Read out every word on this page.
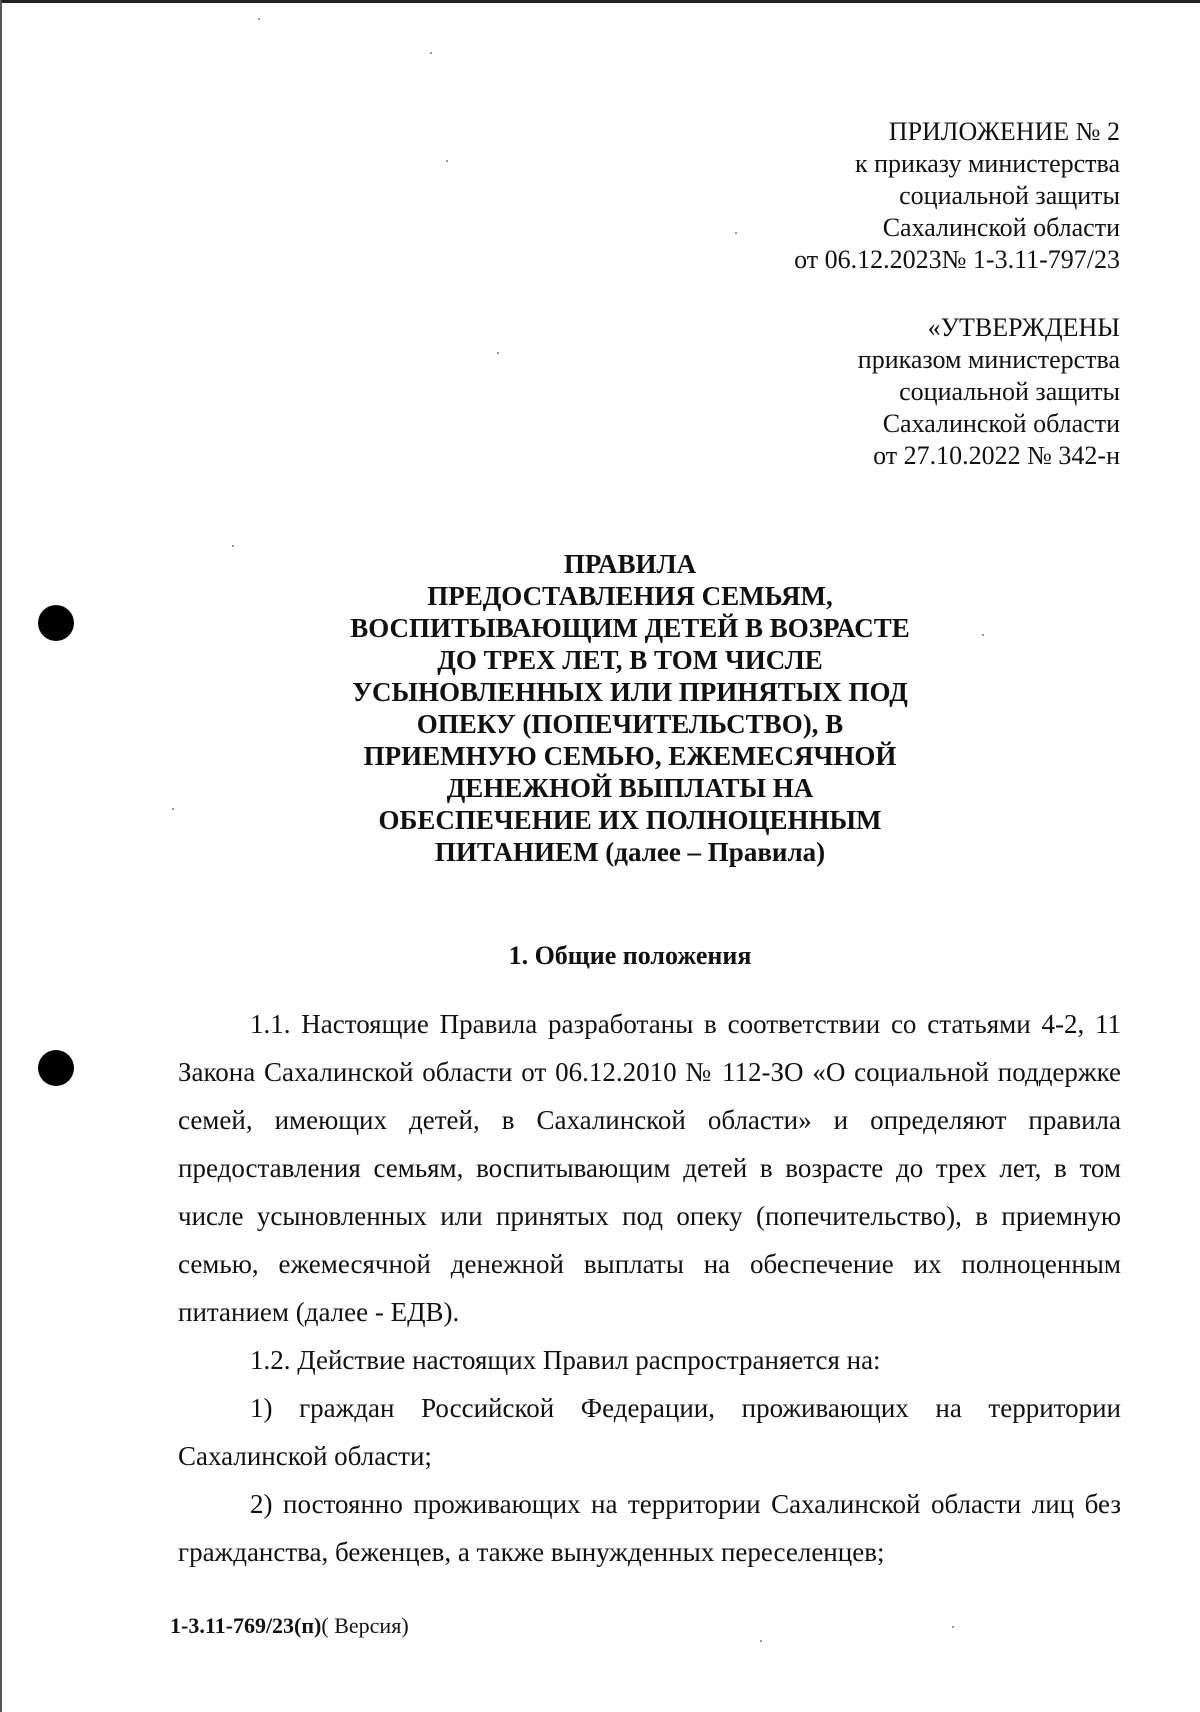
ПРИЛОЖЕНИЕ № 2
к приказу министерства
социальной защиты
Сахалинской области
от 06.12.2023№ 1-3.11-797/23
«УТВЕРЖДЕНЫ
приказом министерства
социальной защиты
Сахалинской области
от 27.10.2022 № 342-н
ПРАВИЛА
ПРЕДОСТАВЛЕНИЯ СЕМЬЯМ,
ВОСПИТЫВАЮЩИМ ДЕТЕЙ В ВОЗРАСТЕ
ДО ТРЕХ ЛЕТ, В ТОМ ЧИСЛЕ
УСЫНОВЛЕННЫХ ИЛИ ПРИНЯТЫХ ПОД
ОПЕКУ (ПОПЕЧИТЕЛЬСТВО), В
ПРИЕМНУЮ СЕМЬЮ, ЕЖЕМЕСЯЧНОЙ
ДЕНЕЖНОЙ ВЫПЛАТЫ НА
ОБЕСПЕЧЕНИЕ ИХ ПОЛНОЦЕННЫМ
ПИТАНИЕМ (далее – Правила)
1. Общие положения

1.1. Настоящие Правила разработаны в соответствии со статьями 4-2, 11 Закона Сахалинской области от 06.12.2010 № 112-ЗО «О социальной поддержке семей, имеющих детей, в Сахалинской области» и определяют правила предоставления семьям, воспитывающим детей в возрасте до трех лет, в том числе усыновленных или принятых под опеку (попечительство), в приемную семью, ежемесячной денежной выплаты на обеспечение их полноценным питанием (далее - ЕДВ).

1.2. Действие настоящих Правил распространяется на:

1) граждан Российской Федерации, проживающих на территории Сахалинской области;

2) постоянно проживающих на территории Сахалинской области лиц без гражданства, беженцев, а также вынужденных переселенцев;

1-3.11-769/23(п)( Версия)
